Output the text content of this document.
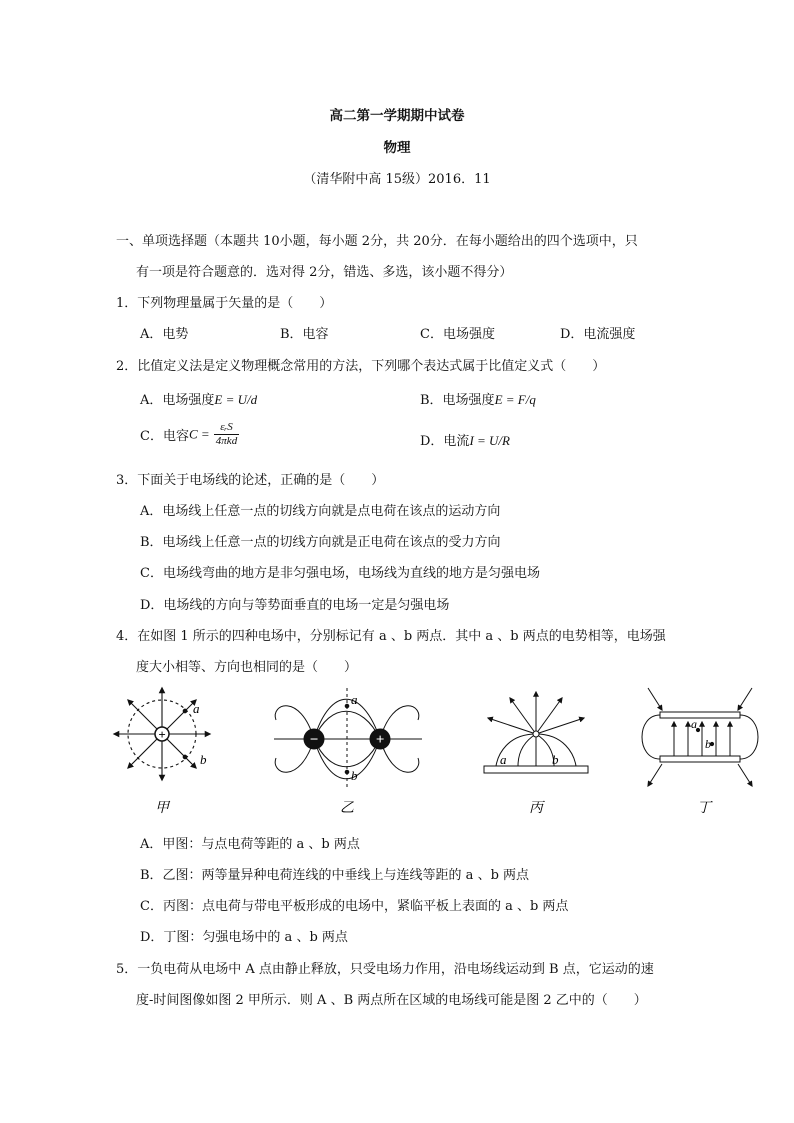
高二第一学期期中试卷
物理
（清华附中高 15级）2016．11
一、单项选择题（本题共 10小题，每小题 2分，共 20分．在每小题给出的四个选项中，只
有一项是符合题意的．选对得 2分，错选、多选，该小题不得分）
1．下列物理量属于矢量的是（　　）
A．电势	B．电容	C．电场强度	D．电流强度
2．比值定义法是定义物理概念常用的方法，下列哪个表达式属于比值定义式（　　）
A．电场强度E = U/d	B．电场强度E = F/q
C．电容$C = \frac{\text{εᵣS}}{\text{4πkd}}$	D．电流I = U/R
3．下面关于电场线的论述，正确的是（　　）
A．电场线上任意一点的切线方向就是点电荷在该点的运动方向
B．电场线上任意一点的切线方向就是正电荷在该点的受力方向
C．电场线弯曲的地方是非匀强电场，电场线为直线的地方是匀强电场
D．电场线的方向与等势面垂直的电场一定是匀强电场
4．在如图 1 所示的四种电场中，分别标记有 a 、b 两点．其中 a 、b 两点的电势相等，电场强
度大小相等、方向也相同的是（　　）
+
a
b
−	+
a
b
a	b
a
b
甲	乙	丙	丁
A．甲图：与点电荷等距的 a 、b 两点
B．乙图：两等量异种电荷连线的中垂线上与连线等距的 a 、b 两点
C．丙图：点电荷与带电平板形成的电场中，紧临平板上表面的 a 、b 两点
D．丁图：匀强电场中的 a 、b 两点
5．一负电荷从电场中 A 点由静止释放，只受电场力作用，沿电场线运动到 B 点，它运动的速
度-时间图像如图 2 甲所示．则 A 、B 两点所在区域的电场线可能是图 2 乙中的（　　）
